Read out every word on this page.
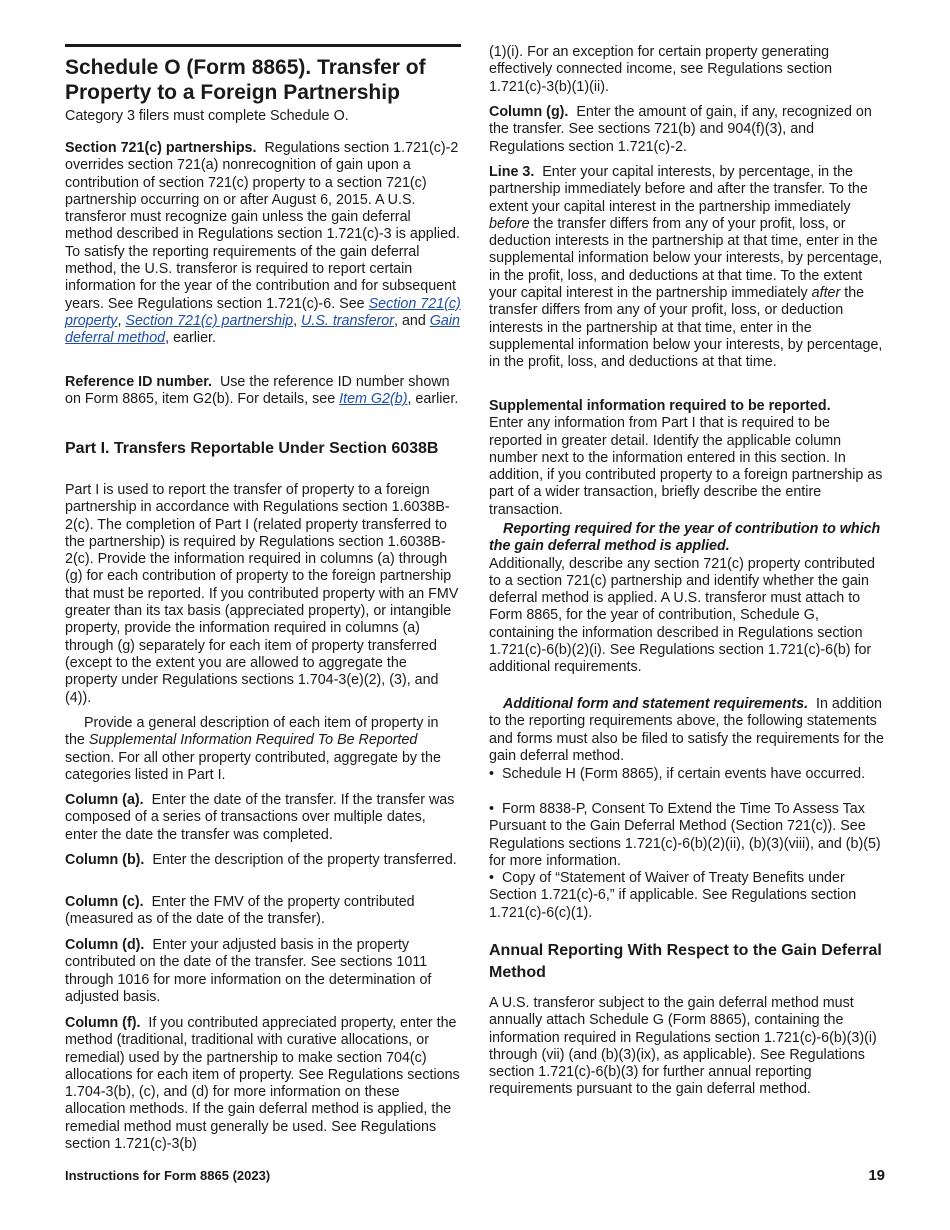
Schedule O (Form 8865). Transfer of Property to a Foreign Partnership

Category 3 filers must complete Schedule O.

Section 721(c) partnerships. Regulations section 1.721(c)-2 overrides section 721(a) nonrecognition of gain upon a contribution of section 721(c) property to a section 721(c) partnership occurring on or after August 6, 2015. A U.S. transferor must recognize gain unless the gain deferral method described in Regulations section 1.721(c)-3 is applied. To satisfy the reporting requirements of the gain deferral method, the U.S. transferor is required to report certain information for the year of the contribution and for subsequent years. See Regulations section 1.721(c)-6. See Section 721(c) property, Section 721(c) partnership, U.S. transferor, and Gain deferral method, earlier.

Reference ID number. Use the reference ID number shown on Form 8865, item G2(b). For details, see Item G2(b), earlier.

Part I. Transfers Reportable Under Section 6038B

Part I is used to report the transfer of property to a foreign partnership in accordance with Regulations section 1.6038B-2(c). The completion of Part I (related property transferred to the partnership) is required by Regulations section 1.6038B-2(c). Provide the information required in columns (a) through (g) for each contribution of property to the foreign partnership that must be reported. If you contributed property with an FMV greater than its tax basis (appreciated property), or intangible property, provide the information required in columns (a) through (g) separately for each item of property transferred (except to the extent you are allowed to aggregate the property under Regulations sections 1.704-3(e)(2), (3), and (4)).

Provide a general description of each item of property in the Supplemental Information Required To Be Reported section. For all other property contributed, aggregate by the categories listed in Part I.

Column (a). Enter the date of the transfer. If the transfer was composed of a series of transactions over multiple dates, enter the date the transfer was completed.

Column (b). Enter the description of the property transferred.

Column (c). Enter the FMV of the property contributed (measured as of the date of the transfer).

Column (d). Enter your adjusted basis in the property contributed on the date of the transfer. See sections 1011 through 1016 for more information on the determination of adjusted basis.

Column (f). If you contributed appreciated property, enter the method (traditional, traditional with curative allocations, or remedial) used by the partnership to make section 704(c) allocations for each item of property. See Regulations sections 1.704-3(b), (c), and (d) for more information on these allocation methods. If the gain deferral method is applied, the remedial method must generally be used. See Regulations section 1.721(c)-3(b)

(1)(i). For an exception for certain property generating effectively connected income, see Regulations section 1.721(c)-3(b)(1)(ii).

Column (g). Enter the amount of gain, if any, recognized on the transfer. See sections 721(b) and 904(f)(3), and Regulations section 1.721(c)-2.

Line 3. Enter your capital interests, by percentage, in the partnership immediately before and after the transfer. To the extent your capital interest in the partnership immediately before the transfer differs from any of your profit, loss, or deduction interests in the partnership at that time, enter in the supplemental information below your interests, by percentage, in the profit, loss, and deductions at that time. To the extent your capital interest in the partnership immediately after the transfer differs from any of your profit, loss, or deduction interests in the partnership at that time, enter in the supplemental information below your interests, by percentage, in the profit, loss, and deductions at that time.

Supplemental information required to be reported.
Enter any information from Part I that is required to be reported in greater detail. Identify the applicable column number next to the information entered in this section. In addition, if you contributed property to a foreign partnership as part of a wider transaction, briefly describe the entire transaction.

Reporting required for the year of contribution to which the gain deferral method is applied.
Additionally, describe any section 721(c) property contributed to a section 721(c) partnership and identify whether the gain deferral method is applied. A U.S. transferor must attach to Form 8865, for the year of contribution, Schedule G, containing the information described in Regulations section 1.721(c)-6(b)(2)(i). See Regulations section 1.721(c)-6(b) for additional requirements.

Additional form and statement requirements. In addition to the reporting requirements above, the following statements and forms must also be filed to satisfy the requirements for the gain deferral method.

•  Schedule H (Form 8865), if certain events have occurred.

•  Form 8838-P, Consent To Extend the Time To Assess Tax Pursuant to the Gain Deferral Method (Section 721(c)). See Regulations sections 1.721(c)-6(b)(2)(ii), (b)(3)(viii), and (b)(5) for more information.

•  Copy of “Statement of Waiver of Treaty Benefits under Section 1.721(c)-6,” if applicable. See Regulations section 1.721(c)-6(c)(1).

Annual Reporting With Respect to the Gain Deferral Method

A U.S. transferor subject to the gain deferral method must annually attach Schedule G (Form 8865), containing the information required in Regulations section 1.721(c)-6(b)(3)(i) through (vii) (and (b)(3)(ix), as applicable). See Regulations section 1.721(c)-6(b)(3) for further annual reporting requirements pursuant to the gain deferral method.

Instructions for Form 8865 (2023)	19
